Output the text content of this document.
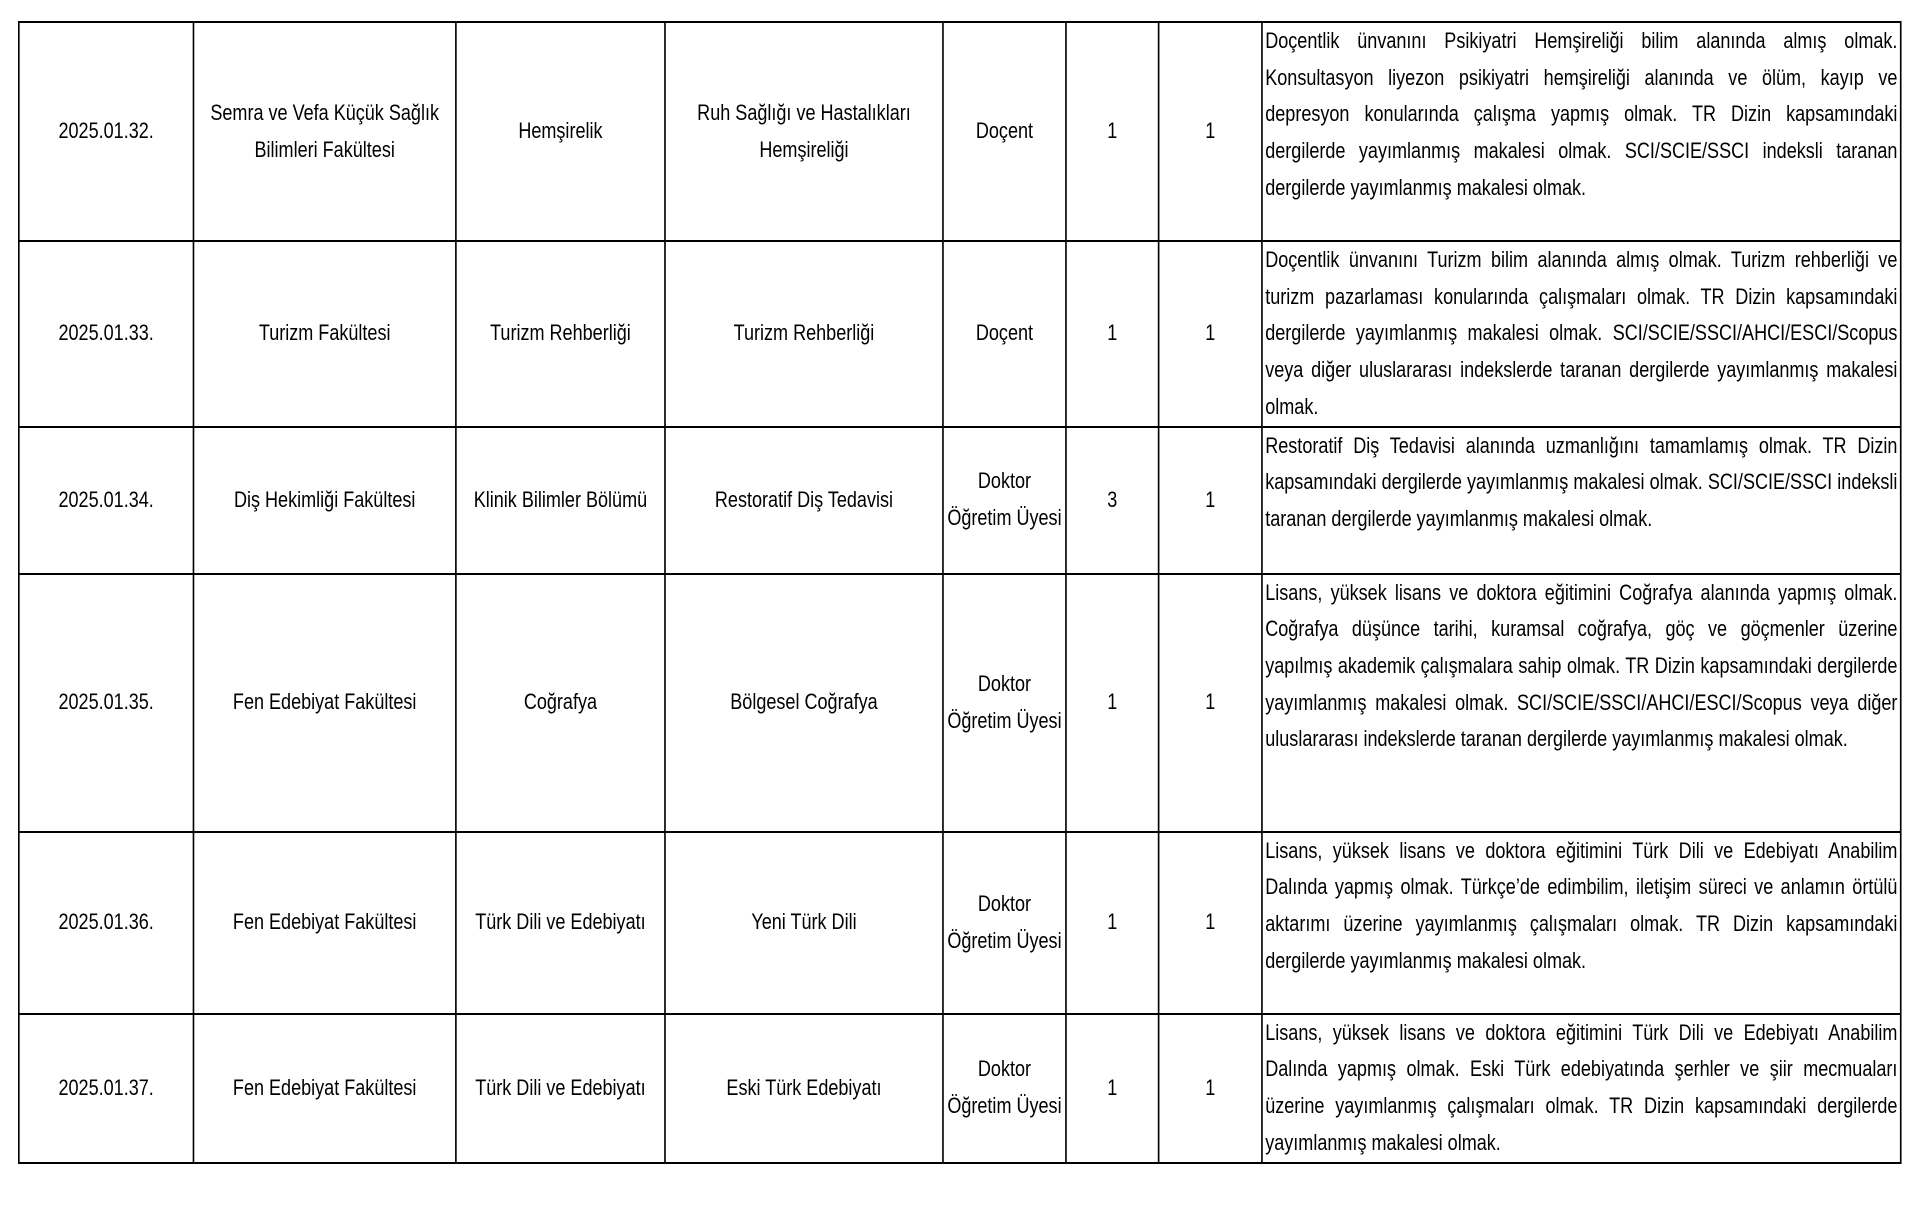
2025.01.32.	Semra ve Vefa Küçük Sağlık Bilimleri Fakültesi	Hemşirelik	Ruh Sağlığı ve Hastalıkları Hemşireliği	Doçent	1	1	Doçentlik ünvanını Psikiyatri Hemşireliği bilim alanında almış olmak. Konsultasyon liyezon psikiyatri hemşireliği alanında ve ölüm, kayıp ve depresyon konularında çalışma yapmış olmak. TR Dizin kapsamındaki dergilerde yayımlanmış makalesi olmak. SCI/SCIE/SSCI indeksli taranan dergilerde yayımlanmış makalesi olmak.
2025.01.33.	Turizm Fakültesi	Turizm Rehberliği	Turizm Rehberliği	Doçent	1	1	Doçentlik ünvanını Turizm bilim alanında almış olmak. Turizm rehberliği ve turizm pazarlaması konularında çalışmaları olmak. TR Dizin kapsamındaki dergilerde yayımlanmış makalesi olmak. SCI/SCIE/SSCI/AHCI/ESCI/Scopus veya diğer uluslararası indekslerde taranan dergilerde yayımlanmış makalesi olmak.
2025.01.34.	Diş Hekimliği Fakültesi	Klinik Bilimler Bölümü	Restoratif Diş Tedavisi	Doktor Öğretim Üyesi	3	1	Restoratif Diş Tedavisi alanında uzmanlığını tamamlamış olmak. TR Dizin kapsamındaki dergilerde yayımlanmış makalesi olmak. SCI/SCIE/SSCI indeksli taranan dergilerde yayımlanmış makalesi olmak.
2025.01.35.	Fen Edebiyat Fakültesi	Coğrafya	Bölgesel Coğrafya	Doktor Öğretim Üyesi	1	1	Lisans, yüksek lisans ve doktora eğitimini Coğrafya alanında yapmış olmak. Coğrafya düşünce tarihi, kuramsal coğrafya, göç ve göçmenler üzerine yapılmış akademik çalışmalara sahip olmak. TR Dizin kapsamındaki dergilerde yayımlanmış makalesi olmak. SCI/SCIE/SSCI/AHCI/ESCI/Scopus veya diğer uluslararası indekslerde taranan dergilerde yayımlanmış makalesi olmak.
2025.01.36.	Fen Edebiyat Fakültesi	Türk Dili ve Edebiyatı	Yeni Türk Dili	Doktor Öğretim Üyesi	1	1	Lisans, yüksek lisans ve doktora eğitimini Türk Dili ve Edebiyatı Anabilim Dalında yapmış olmak. Türkçe’de edimbilim, iletişim süreci ve anlamın örtülü aktarımı üzerine yayımlanmış çalışmaları olmak. TR Dizin kapsamındaki dergilerde yayımlanmış makalesi olmak.
2025.01.37.	Fen Edebiyat Fakültesi	Türk Dili ve Edebiyatı	Eski Türk Edebiyatı	Doktor Öğretim Üyesi	1	1	Lisans, yüksek lisans ve doktora eğitimini Türk Dili ve Edebiyatı Anabilim Dalında yapmış olmak. Eski Türk edebiyatında şerhler ve şiir mecmuaları üzerine yayımlanmış çalışmaları olmak. TR Dizin kapsamındaki dergilerde yayımlanmış makalesi olmak.
